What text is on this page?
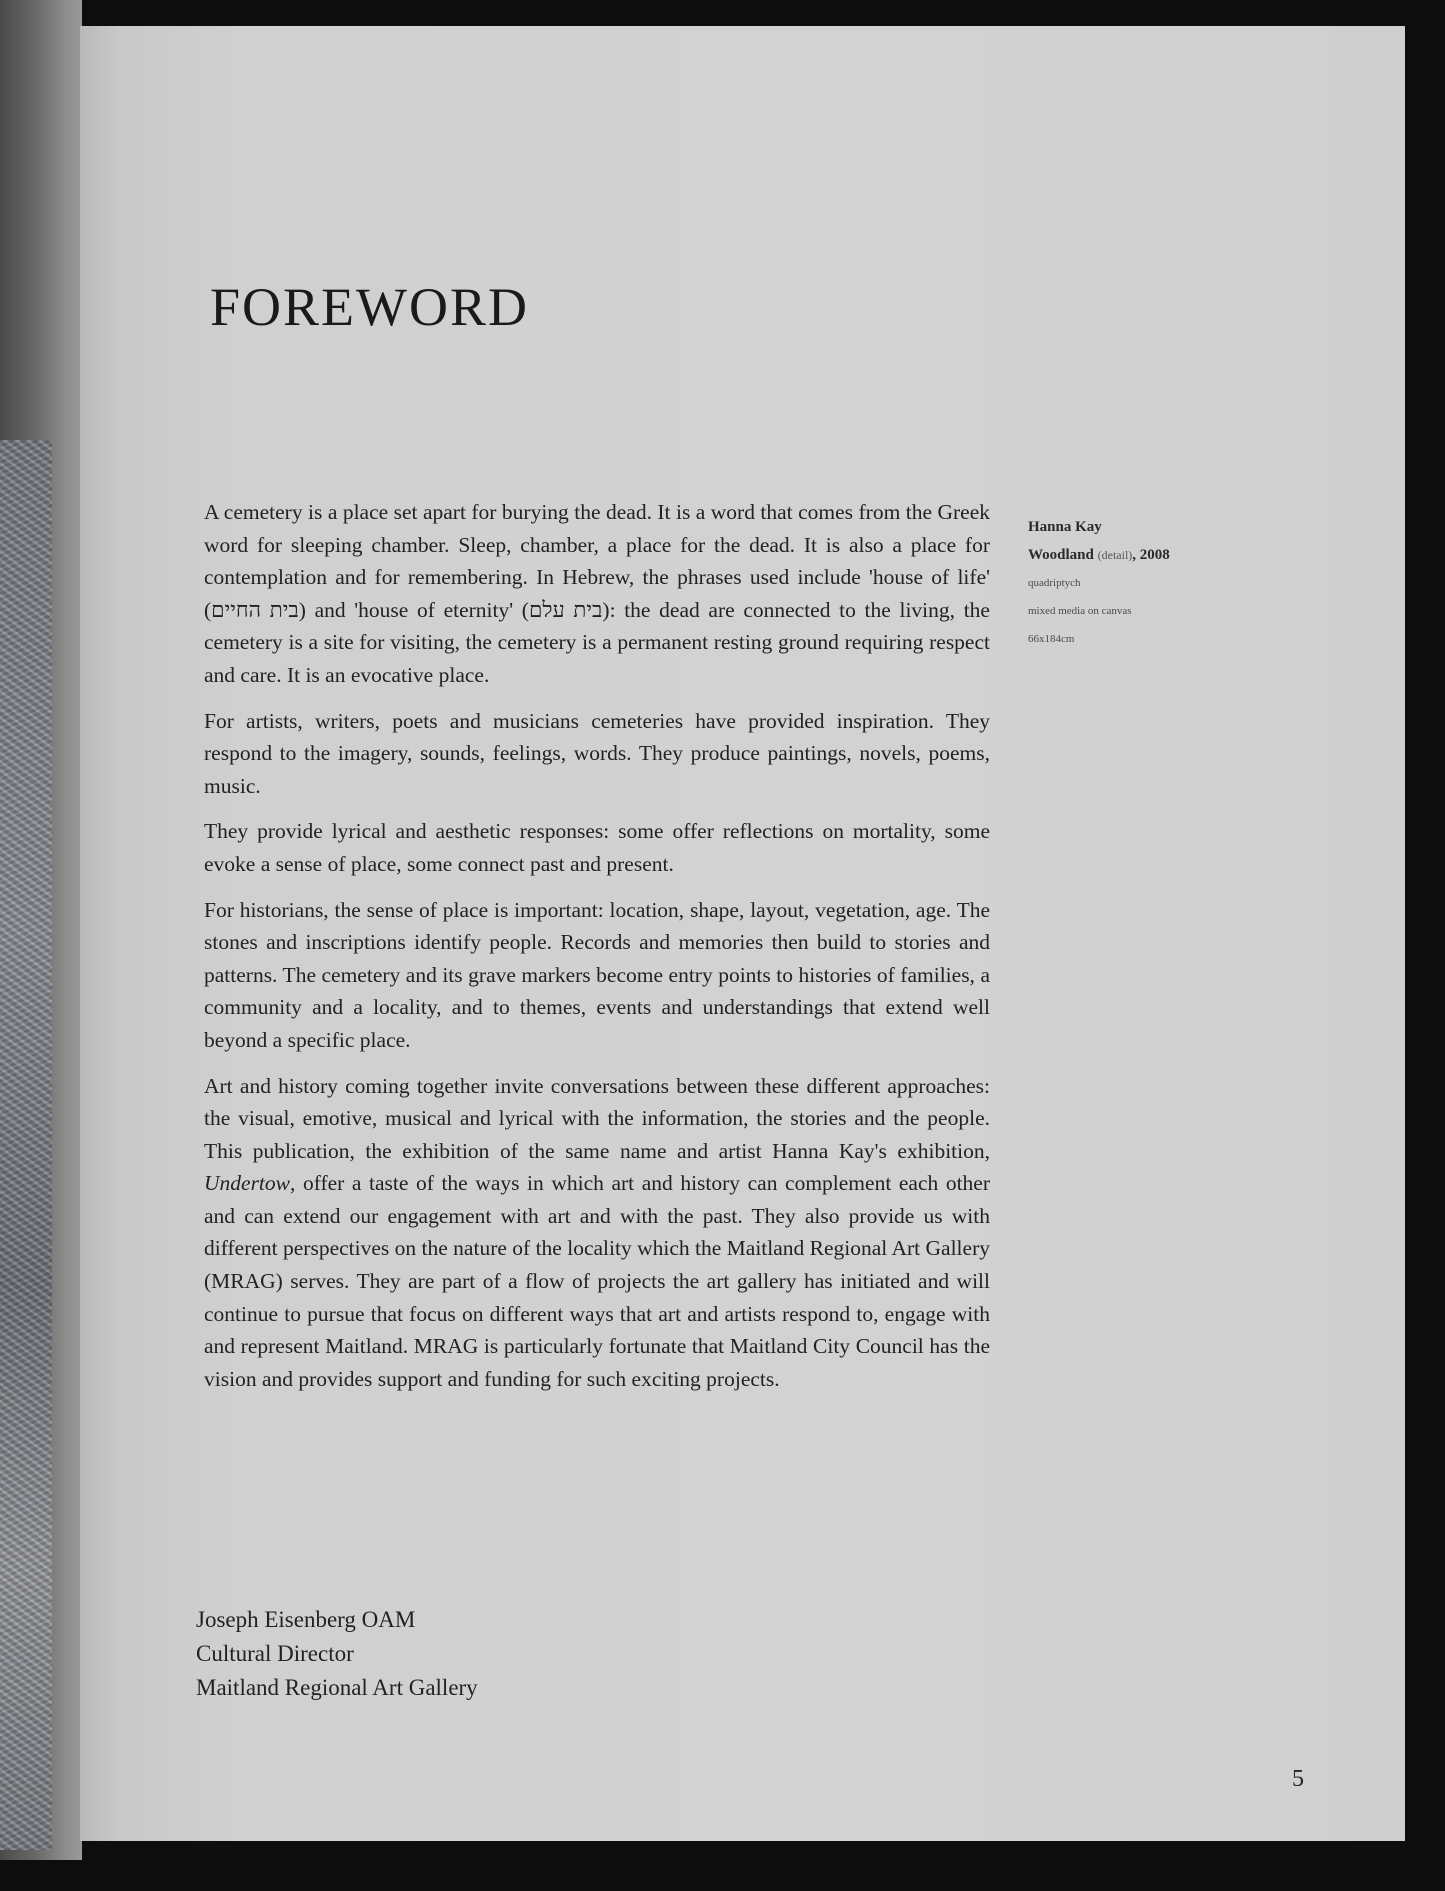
FOREWORD

A cemetery is a place set apart for burying the dead. It is a word that comes from the Greek word for sleeping chamber. Sleep, chamber, a place for the dead. It is also a place for contemplation and for remembering. In Hebrew, the phrases used include 'house of life' (בית החיים) and 'house of eternity' (בית עלם): the dead are connected to the living, the cemetery is a site for visiting, the cemetery is a permanent resting ground requiring respect and care. It is an evocative place.

For artists, writers, poets and musicians cemeteries have provided inspiration. They respond to the imagery, sounds, feelings, words. They produce paintings, novels, poems, music.

They provide lyrical and aesthetic responses: some offer reflections on mortality, some evoke a sense of place, some connect past and present.

For historians, the sense of place is important: location, shape, layout, vegetation, age. The stones and inscriptions identify people. Records and memories then build to stories and patterns. The cemetery and its grave markers become entry points to histories of families, a community and a locality, and to themes, events and understandings that extend well beyond a specific place.

Art and history coming together invite conversations between these different approaches: the visual, emotive, musical and lyrical with the information, the stories and the people. This publication, the exhibition of the same name and artist Hanna Kay's exhibition, Undertow, offer a taste of the ways in which art and history can complement each other and can extend our engagement with art and with the past. They also provide us with different perspectives on the nature of the locality which the Maitland Regional Art Gallery (MRAG) serves. They are part of a flow of projects the art gallery has initiated and will continue to pursue that focus on different ways that art and artists respond to, engage with and represent Maitland. MRAG is particularly fortunate that Maitland City Council has the vision and provides support and funding for such exciting projects.

Hanna Kay
Woodland (detail), 2008
quadriptych
mixed media on canvas
66x184cm
Joseph Eisenberg OAM
Cultural Director
Maitland Regional Art Gallery
5
